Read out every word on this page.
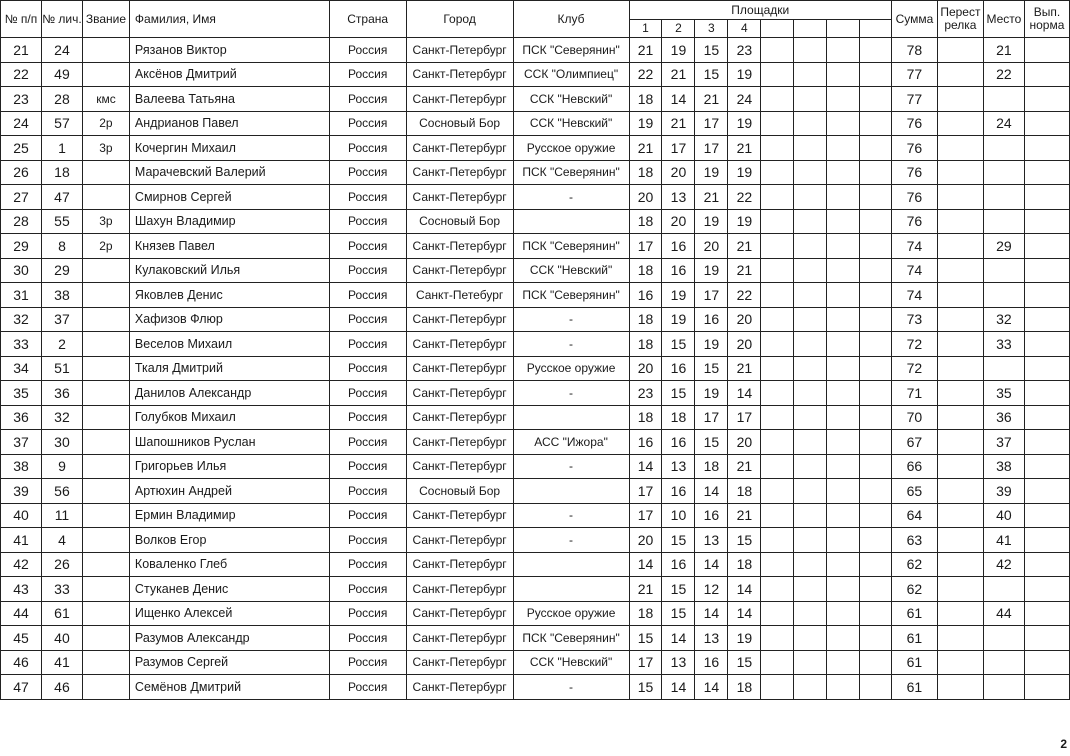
№ п/п	№ лич.	Звание	Фамилия, Имя	Страна	Город	Клуб	Площадки								Сумма	Перест релка	Место	Вып. норма
							1	2	3	4								
21	24		Рязанов Виктор	Россия	Санкт-Петербург	ПСК "Северянин"	21	19	15	23					78		21	
22	49		Аксёнов Дмитрий	Россия	Санкт-Петербург	ССК "Олимпиец"	22	21	15	19					77		22	
23	28	кмс	Валеева Татьяна	Россия	Санкт-Петербург	ССК "Невский"	18	14	21	24					77			
24	57	2р	Андрианов Павел	Россия	Сосновый Бор	ССК "Невский"	19	21	17	19					76		24	
25	1	3р	Кочергин Михаил	Россия	Санкт-Петербург	Русское оружие	21	17	17	21					76			
26	18		Марачевский Валерий	Россия	Санкт-Петербург	ПСК "Северянин"	18	20	19	19					76			
27	47		Смирнов Сергей	Россия	Санкт-Петербург	-	20	13	21	22					76			
28	55	3р	Шахун Владимир	Россия	Сосновый Бор		18	20	19	19					76			
29	8	2р	Князев Павел	Россия	Санкт-Петербург	ПСК "Северянин"	17	16	20	21					74		29	
30	29		Кулаковский Илья	Россия	Санкт-Петербург	ССК "Невский"	18	16	19	21					74			
31	38		Яковлев Денис	Россия	Санкт-Петебург	ПСК "Северянин"	16	19	17	22					74			
32	37		Хафизов Флюр	Россия	Санкт-Петербург	-	18	19	16	20					73		32	
33	2		Веселов Михаил	Россия	Санкт-Петербург	-	18	15	19	20					72		33	
34	51		Ткаля Дмитрий	Россия	Санкт-Петербург	Русское оружие	20	16	15	21					72			
35	36		Данилов Александр	Россия	Санкт-Петербург	-	23	15	19	14					71		35	
36	32		Голубков Михаил	Россия	Санкт-Петербург		18	18	17	17					70		36	
37	30		Шапошников Руслан	Россия	Санкт-Петербург	АСС "Ижора"	16	16	15	20					67		37	
38	9		Григорьев Илья	Россия	Санкт-Петербург	-	14	13	18	21					66		38	
39	56		Артюхин Андрей	Россия	Сосновый Бор		17	16	14	18					65		39	
40	11		Ермин Владимир	Россия	Санкт-Петербург	-	17	10	16	21					64		40	
41	4		Волков Егор	Россия	Санкт-Петербург	-	20	15	13	15					63		41	
42	26		Коваленко Глеб	Россия	Санкт-Петербург		14	16	14	18					62		42	
43	33		Стуканев Денис	Россия	Санкт-Петербург		21	15	12	14					62			
44	61		Ищенко Алексей	Россия	Санкт-Петербург	Русское оружие	18	15	14	14					61		44	
45	40		Разумов Александр	Россия	Санкт-Петербург	ПСК "Северянин"	15	14	13	19					61			
46	41		Разумов Сергей	Россия	Санкт-Петербург	ССК "Невский"	17	13	16	15					61			
47	46		Семёнов Дмитрий	Россия	Санкт-Петербург	-	15	14	14	18					61			
2
